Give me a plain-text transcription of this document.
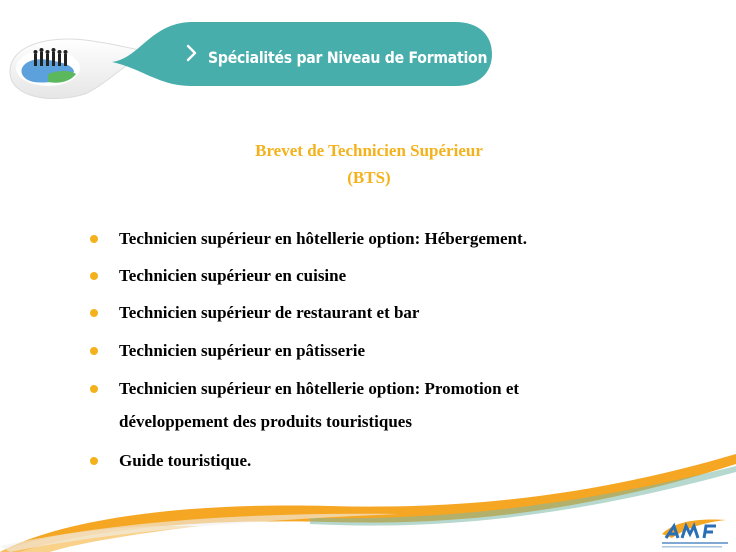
Spécialités par Niveau de Formation
Brevet de Technicien Supérieur
(BTS)
Technicien supérieur en hôtellerie option: Hébergement.
Technicien supérieur en cuisine
Technicien supérieur de restaurant et bar
Technicien supérieur en pâtisserie
Technicien supérieur en hôtellerie option: Promotion et
développement des produits touristiques
Guide touristique.
